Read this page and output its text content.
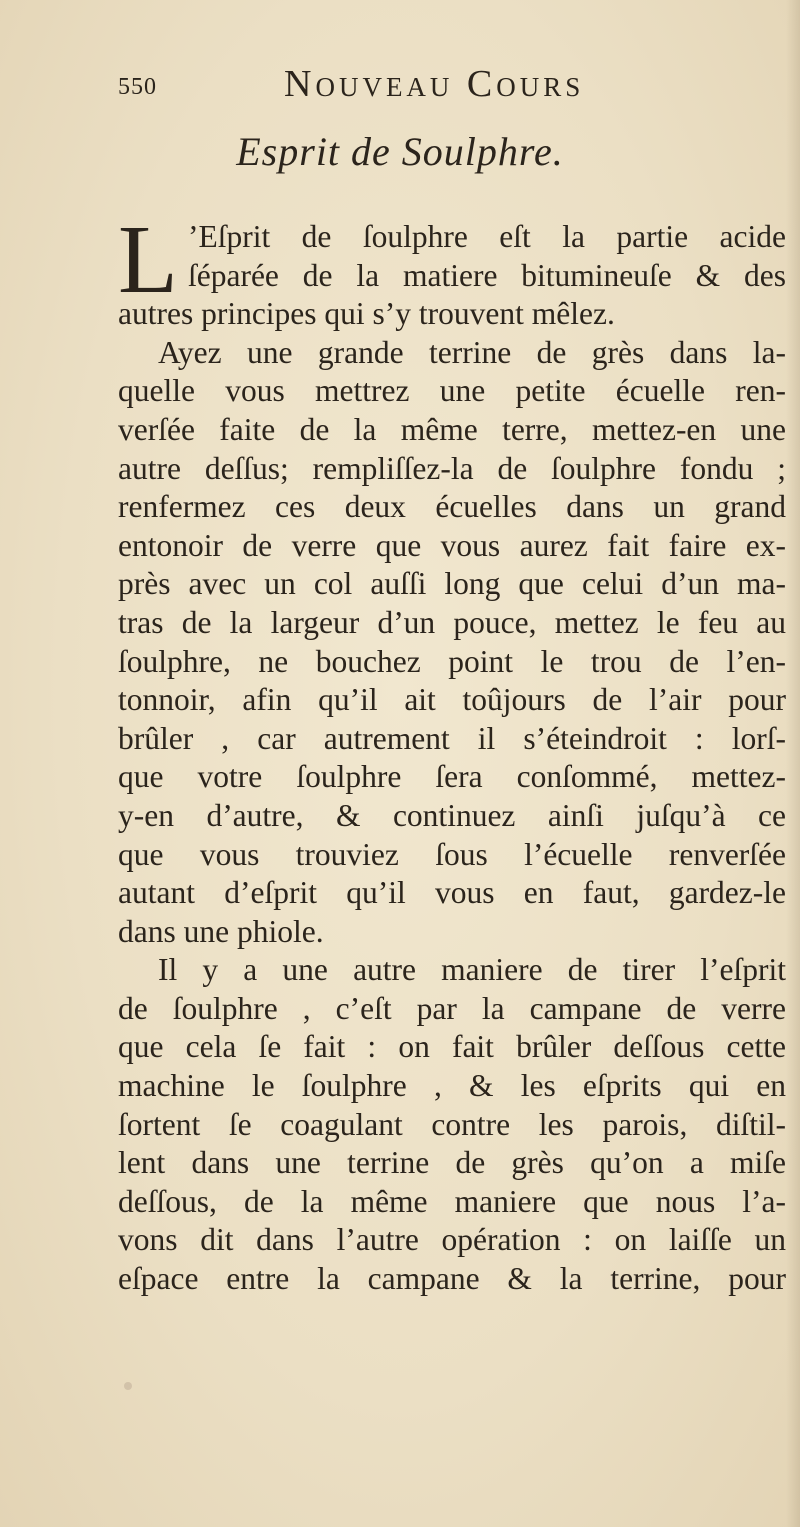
550	Nouveau Cours
Esprit de Soulphre.
L ’Eſprit de ſoulphre eſt la partie acide
ſéparée de la matiere bitumineuſe & des
autres principes qui s’y trouvent mêlez.
Ayez une grande terrine de grès dans la-
quelle vous mettrez une petite écuelle ren-
verſée faite de la même terre, mettez-en une
autre deſſus; rempliſſez-la de ſoulphre fondu ;
renfermez ces deux écuelles dans un grand
entonoir de verre que vous aurez fait faire ex-
près avec un col auſſi long que celui d’un ma-
tras de la largeur d’un pouce, mettez le feu au
ſoulphre, ne bouchez point le trou de l’en-
tonnoir, afin qu’il ait toûjours de l’air pour
brûler , car autrement il s’éteindroit : lorſ-
que votre ſoulphre ſera conſommé, mettez-
y-en d’autre, & continuez ainſi juſqu’à ce
que vous trouviez ſous l’écuelle renverſée
autant d’eſprit qu’il vous en faut, gardez-le
dans une phiole.
Il y a une autre maniere de tirer l’eſprit
de ſoulphre , c’eſt par la campane de verre
que cela ſe fait : on fait brûler deſſous cette
machine le ſoulphre , & les eſprits qui en
ſortent ſe coagulant contre les parois, diſtil-
lent dans une terrine de grès qu’on a miſe
deſſous, de la même maniere que nous l’a-
vons dit dans l’autre opération : on laiſſe un
eſpace entre la campane & la terrine, pour
